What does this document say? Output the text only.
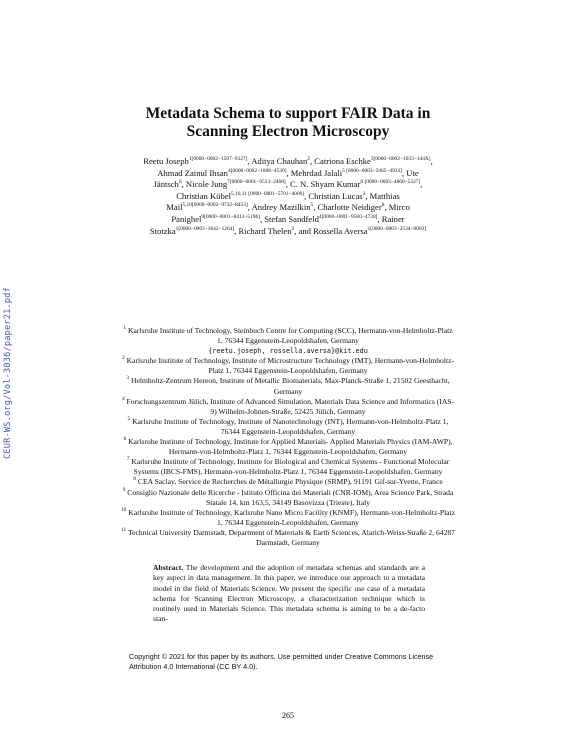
CEUR-WS.org/Vol-3036/paper21.pdf
Metadata Schema to support FAIR Data in
Scanning Electron Microscopy
Reetu Joseph$^{1[0000-0002-1507-9327]}$, Aditya Chauhan$^2$, Catriona Eschke$^{3[0000-0002-1033-144X]}$, Ahmad Zainul Ihsan$^{4[0000-0002-1008-4530]}$, Mehrdad Jalali$^{5 [0000-0003-2465-4933]}$, Ute Jäntsch$^6$, Nicole Jung$^{7[0000-0001-9513-2468]}$, C. N. Shyam Kumar$^{8 [0000-0003-4860-5327]}$, Christian Kübel$^{5,10,11 [0000-0001-5701-4006]}$, Christian Lucas$^3$, Matthias Mail$^{5,10[0000-0002-9732-8453]}$, Andrey Mazilkin$^5$, Charlotte Neidiger$^8$, Mirco Panighel$^{9[0000-0001-8413-5196]}$, Stefan Sandfeld$^{4[0000-0001-9560-4728]}$, Rainer Stotzka$^{1[0000-0003-3642-1264]}$, Richard Thelen$^2$, and Rossella Aversa$^{1[0000-0003-2534-0063]}$
$^1$ Karlsruhe Institute of Technology, Steinbuch Centre for Computing (SCC), Hermann-von-Helmholtz-Platz 1, 76344 Eggenstein-Leopoldshafen, Germany
{reetu.joseph, rossella.aversa}@kit.edu
$^2$ Karlsruhe Institute of Technology, Institute of Microstructure Technology (IMT), Hermann-von-Helmholtz-Platz 1, 76344 Eggenstein-Leopoldshafen, Germany
$^3$ Helmholtz-Zentrum Hereon, Institute of Metallic Biomaterials, Max-Planck-Straße 1, 21502 Geesthacht, Germany
$^4$ Forschungszentrum Jülich, Institute of Advanced Simulation, Materials Data Science and Informatics (IAS-9) Wilhelm-Johnen-Straße, 52425 Jülich, Germany
$^5$ Karlsruhe Institute of Technology, Institute of Nanotechnology (INT), Hermann-von-Helmholtz-Platz 1, 76344 Eggenstein-Leopoldshafen, Germany
$^6$ Karlsruhe Institute of Technology, Institute for Applied Materials- Applied Materials Physics (IAM-AWP), Hermann-von-Helmholtz-Platz 1, 76344 Eggenstein-Leopoldshafen, Germany
$^7$ Karlsruhe Institute of Technology, Institute for Biological and Chemical Systems - Functional Molecular Systems (IBCS-FMS), Hermann-von-Helmholtz-Platz 1, 76344 Eggenstein-Leopoldshafen, Germany
$^8$ CEA Saclay, Service de Recherches de Métallurgie Physique (SRMP), 91191 Gif-sur-Yvette, France
$^9$ Consiglio Nazionale delle Ricerche - Istituto Officina dei Materiali (CNR-IOM), Area Science Park, Strada Statale 14, km 163,5, 34149 Basovizza (Trieste), Italy
$^{10}$ Karlsruhe Institute of Technology, Karlsruhe Nano Micro Facility (KNMF), Hermann-von-Helmholtz-Platz 1, 76344 Eggenstein-Leopoldshafen, Germany
$^{11}$ Technical University Darmstadt, Department of Materials & Earth Sciences, Alarich-Weiss-Straße 2, 64287 Darmstadt, Germany
Abstract. The development and the adoption of metadata schemas and standards are a key aspect in data management. In this paper, we introduce our approach to a metadata model in the field of Materials Science. We present the specific use case of a metadata schema for Scanning Electron Microscopy, a characterization technique which is routinely used in Materials Science. This metadata schema is aiming to be a de-facto stan-
Copyright © 2021 for this paper by its authors. Use permitted under Creative Commons License Attribution 4.0 International (CC BY 4.0).
265
